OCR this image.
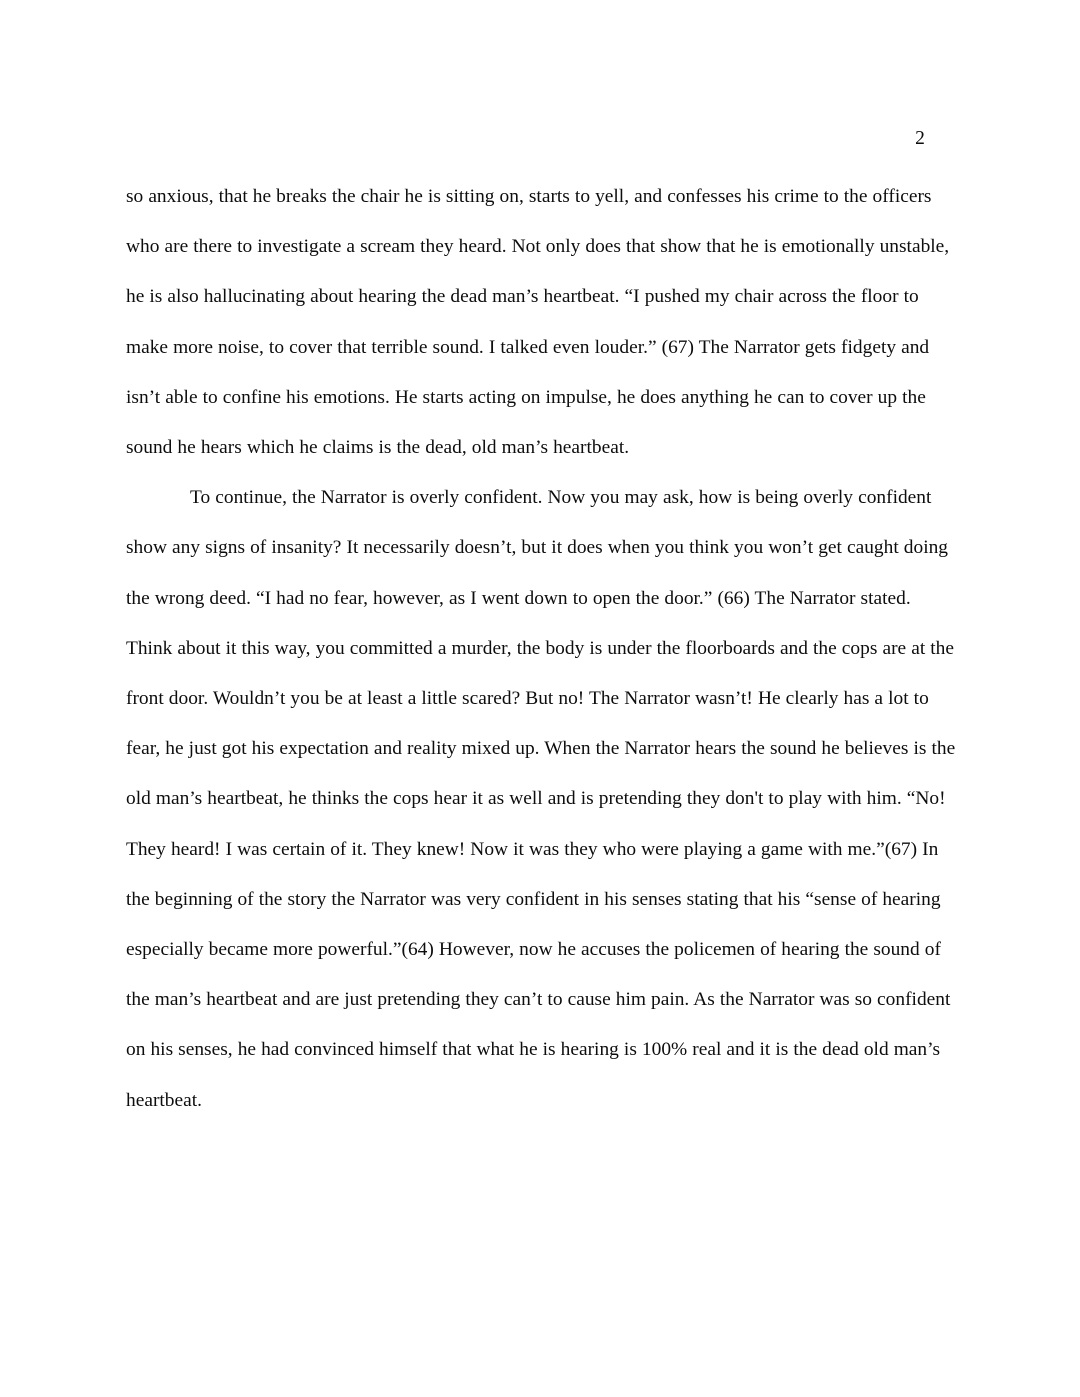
2

so anxious, that he breaks the chair he is sitting on, starts to yell, and confesses his crime to the officers who are there to investigate a scream they heard. Not only does that show that he is emotionally unstable, he is also hallucinating about hearing the dead man’s heartbeat. “I pushed my chair across the floor to make more noise, to cover that terrible sound. I talked even louder.” (67) The Narrator gets fidgety and isn’t able to confine his emotions. He starts acting on impulse, he does anything he can to cover up the sound he hears which he claims is the dead, old man’s heartbeat.

To continue, the Narrator is overly confident. Now you may ask, how is being overly confident show any signs of insanity? It necessarily doesn’t, but it does when you think you won’t get caught doing the wrong deed. “I had no fear, however, as I went down to open the door.” (66) The Narrator stated. Think about it this way, you committed a murder, the body is under the floorboards and the cops are at the front door. Wouldn’t you be at least a little scared? But no! The Narrator wasn’t! He clearly has a lot to fear, he just got his expectation and reality mixed up. When the Narrator hears the sound he believes is the old man’s heartbeat, he thinks the cops hear it as well and is pretending they don't to play with him. “No! They heard! I was certain of it. They knew! Now it was they who were playing a game with me.”(67) In the beginning of the story the Narrator was very confident in his senses stating that his “sense of hearing especially became more powerful.”(64) However, now he accuses the policemen of hearing the sound of the man’s heartbeat and are just pretending they can’t to cause him pain. As the Narrator was so confident on his senses, he had convinced himself that what he is hearing is 100% real and it is the dead old man’s heartbeat.
